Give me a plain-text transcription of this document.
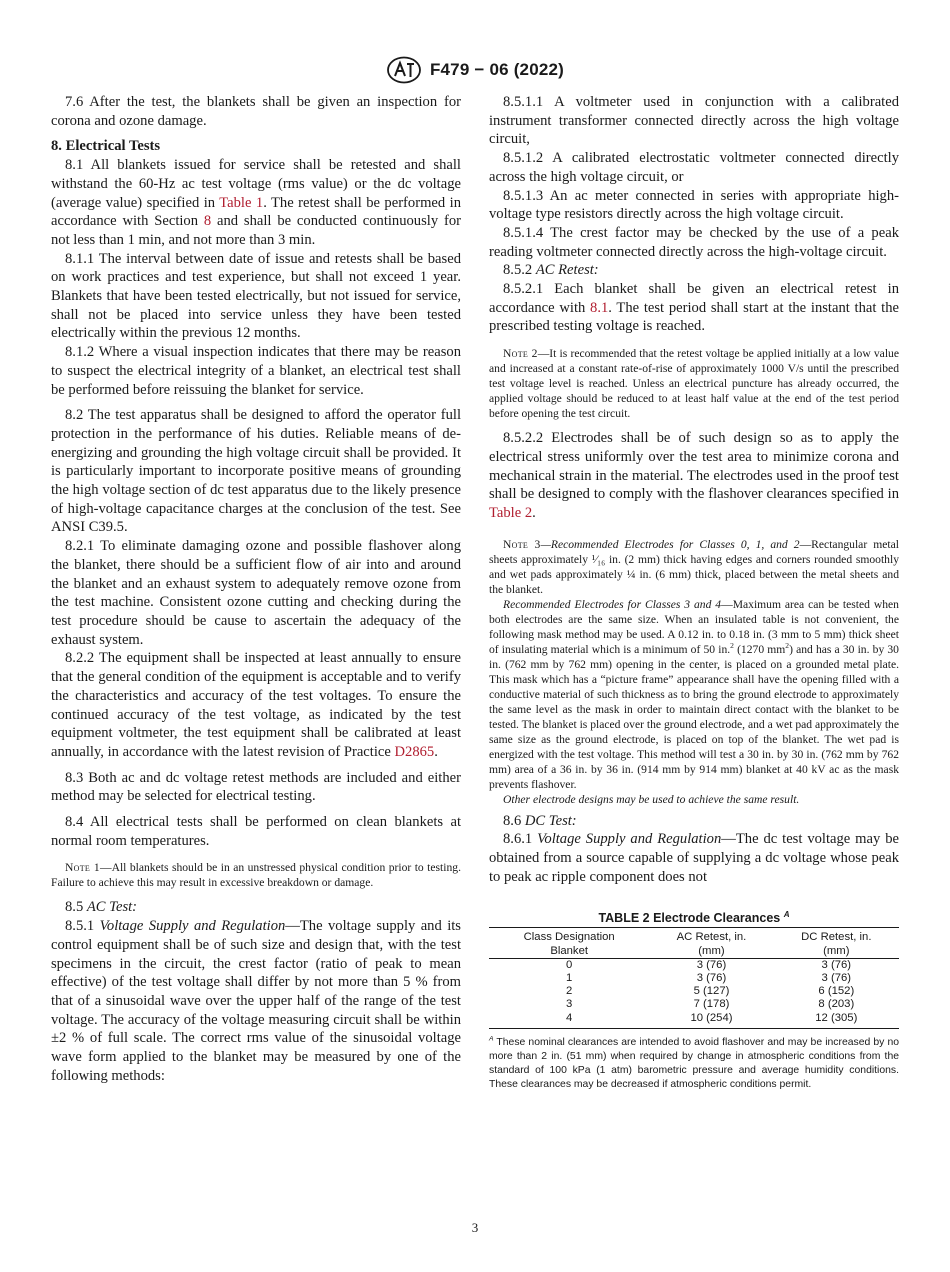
F479 − 06 (2022)

7.6 After the test, the blankets shall be given an inspection for corona and ozone damage.

8. Electrical Tests

8.1 All blankets issued for service shall be retested and shall withstand the 60-Hz ac test voltage (rms value) or the dc voltage (average value) specified in Table 1. The retest shall be performed in accordance with Section 8 and shall be conducted continuously for not less than 1 min, and not more than 3 min.

8.1.1 The interval between date of issue and retests shall be based on work practices and test experience, but shall not exceed 1 year. Blankets that have been tested electrically, but not issued for service, shall not be placed into service unless they have been tested electrically within the previous 12 months.

8.1.2 Where a visual inspection indicates that there may be reason to suspect the electrical integrity of a blanket, an electrical test shall be performed before reissuing the blanket for service.

8.2 The test apparatus shall be designed to afford the operator full protection in the performance of his duties. Reliable means of de-energizing and grounding the high voltage circuit shall be provided. It is particularly important to incorporate positive means of grounding the high voltage section of dc test apparatus due to the likely presence of high-voltage capacitance charges at the conclusion of the test. See ANSI C39.5.

8.2.1 To eliminate damaging ozone and possible flashover along the blanket, there should be a sufficient flow of air into and around the blanket and an exhaust system to adequately remove ozone from the test machine. Consistent ozone cutting and checking during the test procedure should be cause to ascertain the adequacy of the exhaust system.

8.2.2 The equipment shall be inspected at least annually to ensure that the general condition of the equipment is acceptable and to verify the characteristics and accuracy of the test voltages. To ensure the continued accuracy of the test voltage, as indicated by the test equipment voltmeter, the test equipment shall be calibrated at least annually, in accordance with the latest revision of Practice D2865.

8.3 Both ac and dc voltage retest methods are included and either method may be selected for electrical testing.

8.4 All electrical tests shall be performed on clean blankets at normal room temperatures.

Note 1—All blankets should be in an unstressed physical condition prior to testing. Failure to achieve this may result in excessive breakdown or damage.

8.5 AC Test:

8.5.1 Voltage Supply and Regulation—The voltage supply and its control equipment shall be of such size and design that, with the test specimens in the circuit, the crest factor (ratio of peak to mean effective) of the test voltage shall differ by not more than 5 % from that of a sinusoidal wave over the upper half of the range of the test voltage. The accuracy of the voltage measuring circuit shall be within ±2 % of full scale. The correct rms value of the sinusoidal voltage wave form applied to the blanket may be measured by one of the following methods:

8.5.1.1 A voltmeter used in conjunction with a calibrated instrument transformer connected directly across the high voltage circuit,

8.5.1.2 A calibrated electrostatic voltmeter connected directly across the high voltage circuit, or

8.5.1.3 An ac meter connected in series with appropriate high-voltage type resistors directly across the high voltage circuit.

8.5.1.4 The crest factor may be checked by the use of a peak reading voltmeter connected directly across the high-voltage circuit.

8.5.2 AC Retest:

8.5.2.1 Each blanket shall be given an electrical retest in accordance with 8.1. The test period shall start at the instant that the prescribed testing voltage is reached.

Note 2—It is recommended that the retest voltage be applied initially at a low value and increased at a constant rate-of-rise of approximately 1000 V/s until the prescribed test voltage level is reached. Unless an electrical puncture has already occurred, the applied voltage should be reduced to at least half value at the end of the test period before opening the test circuit.

8.5.2.2 Electrodes shall be of such design so as to apply the electrical stress uniformly over the test area to minimize corona and mechanical strain in the material. The electrodes used in the proof test shall be designed to comply with the flashover clearances specified in Table 2.

Note 3—Recommended Electrodes for Classes 0, 1, and 2—Rectangular metal sheets approximately ¹⁄₁₆ in. (2 mm) thick having edges and corners rounded smoothly and wet pads approximately ¼ in. (6 mm) thick, placed between the metal sheets and the blanket.
Recommended Electrodes for Classes 3 and 4—Maximum area can be tested when both electrodes are the same size. When an insulated table is not convenient, the following mask method may be used. A 0.12 in. to 0.18 in. (3 mm to 5 mm) thick sheet of insulating material which is a minimum of 50 in.$^2$ (1270 $mm^2$) and has a 30 in. by 30 in. (762 mm by 762 mm) opening in the center, is placed on a grounded metal plate. This mask which has a “picture frame” appearance shall have the opening filled with a conductive material of such thickness as to bring the ground electrode to approximately the same level as the mask in order to maintain direct contact with the blanket to be tested. The blanket is placed over the ground electrode, and a wet pad approximately the same size as the ground electrode, is placed on top of the blanket. The wet pad is energized with the test voltage. This method will test a 30 in. by 30 in. (762 mm by 762 mm) area of a 36 in. by 36 in. (914 mm by 914 mm) blanket at 40 kV ac as the mask prevents flashover.
Other electrode designs may be used to achieve the same result.

8.6 DC Test:

8.6.1 Voltage Supply and Regulation—The dc test voltage may be obtained from a source capable of supplying a dc voltage whose peak to peak ac ripple component does not

TABLE 2 Electrode Clearances $^A$
Class Designation	AC Retest, in.	DC Retest, in.
Blanket	(mm)	(mm)
0	3 (76)	3 (76)
1	3 (76)	3 (76)
2	5 (127)	6 (152)
3	7 (178)	8 (203)
4	10 (254)	12 (305)
$^A$ These nominal clearances are intended to avoid flashover and may be increased by no more than 2 in. (51 mm) when required by change in atmospheric conditions from the standard of 100 kPa (1 atm) barometric pressure and average humidity conditions. These clearances may be decreased if atmospheric conditions permit.
3
